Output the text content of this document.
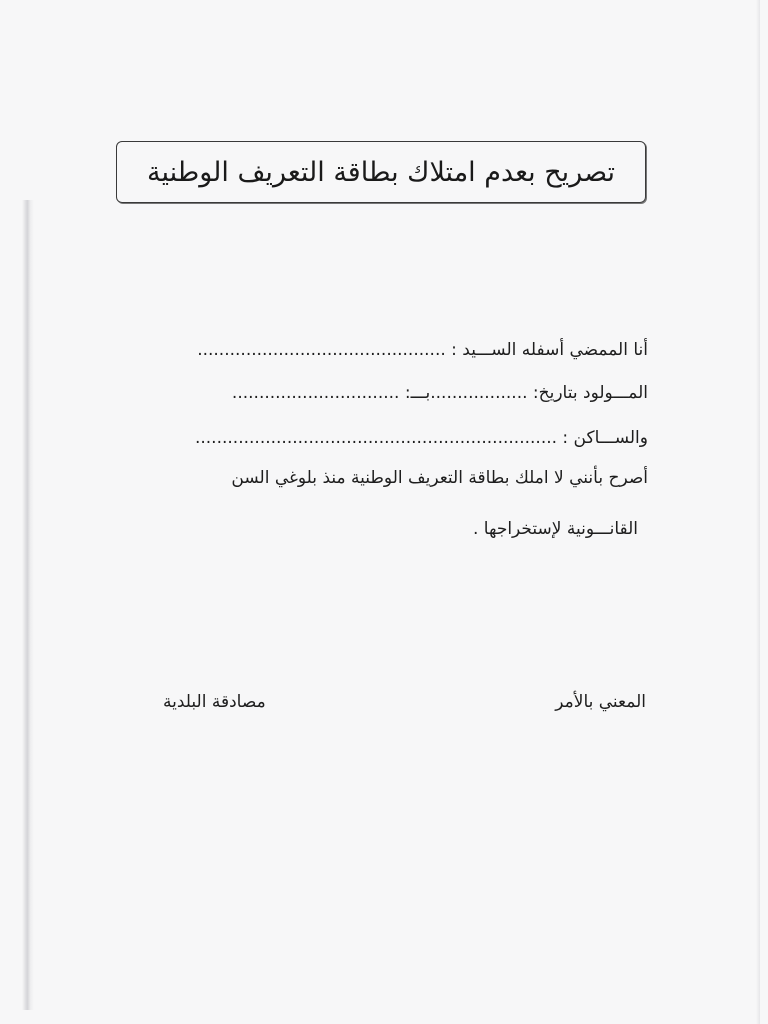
تصريح بعدم امتلاك بطاقة التعريف الوطنية
أنا الممضي أسفله الســـيد : ..............................................
المـــولود بتاريخ: ..................بـــ: ...............................
والســـاكن : ...................................................................
أصرح بأنني لا املك بطاقة التعريف الوطنية منذ بلوغي السن
القانـــونية لإستخراجها .
المعني بالأمر
مصادقة البلدية
